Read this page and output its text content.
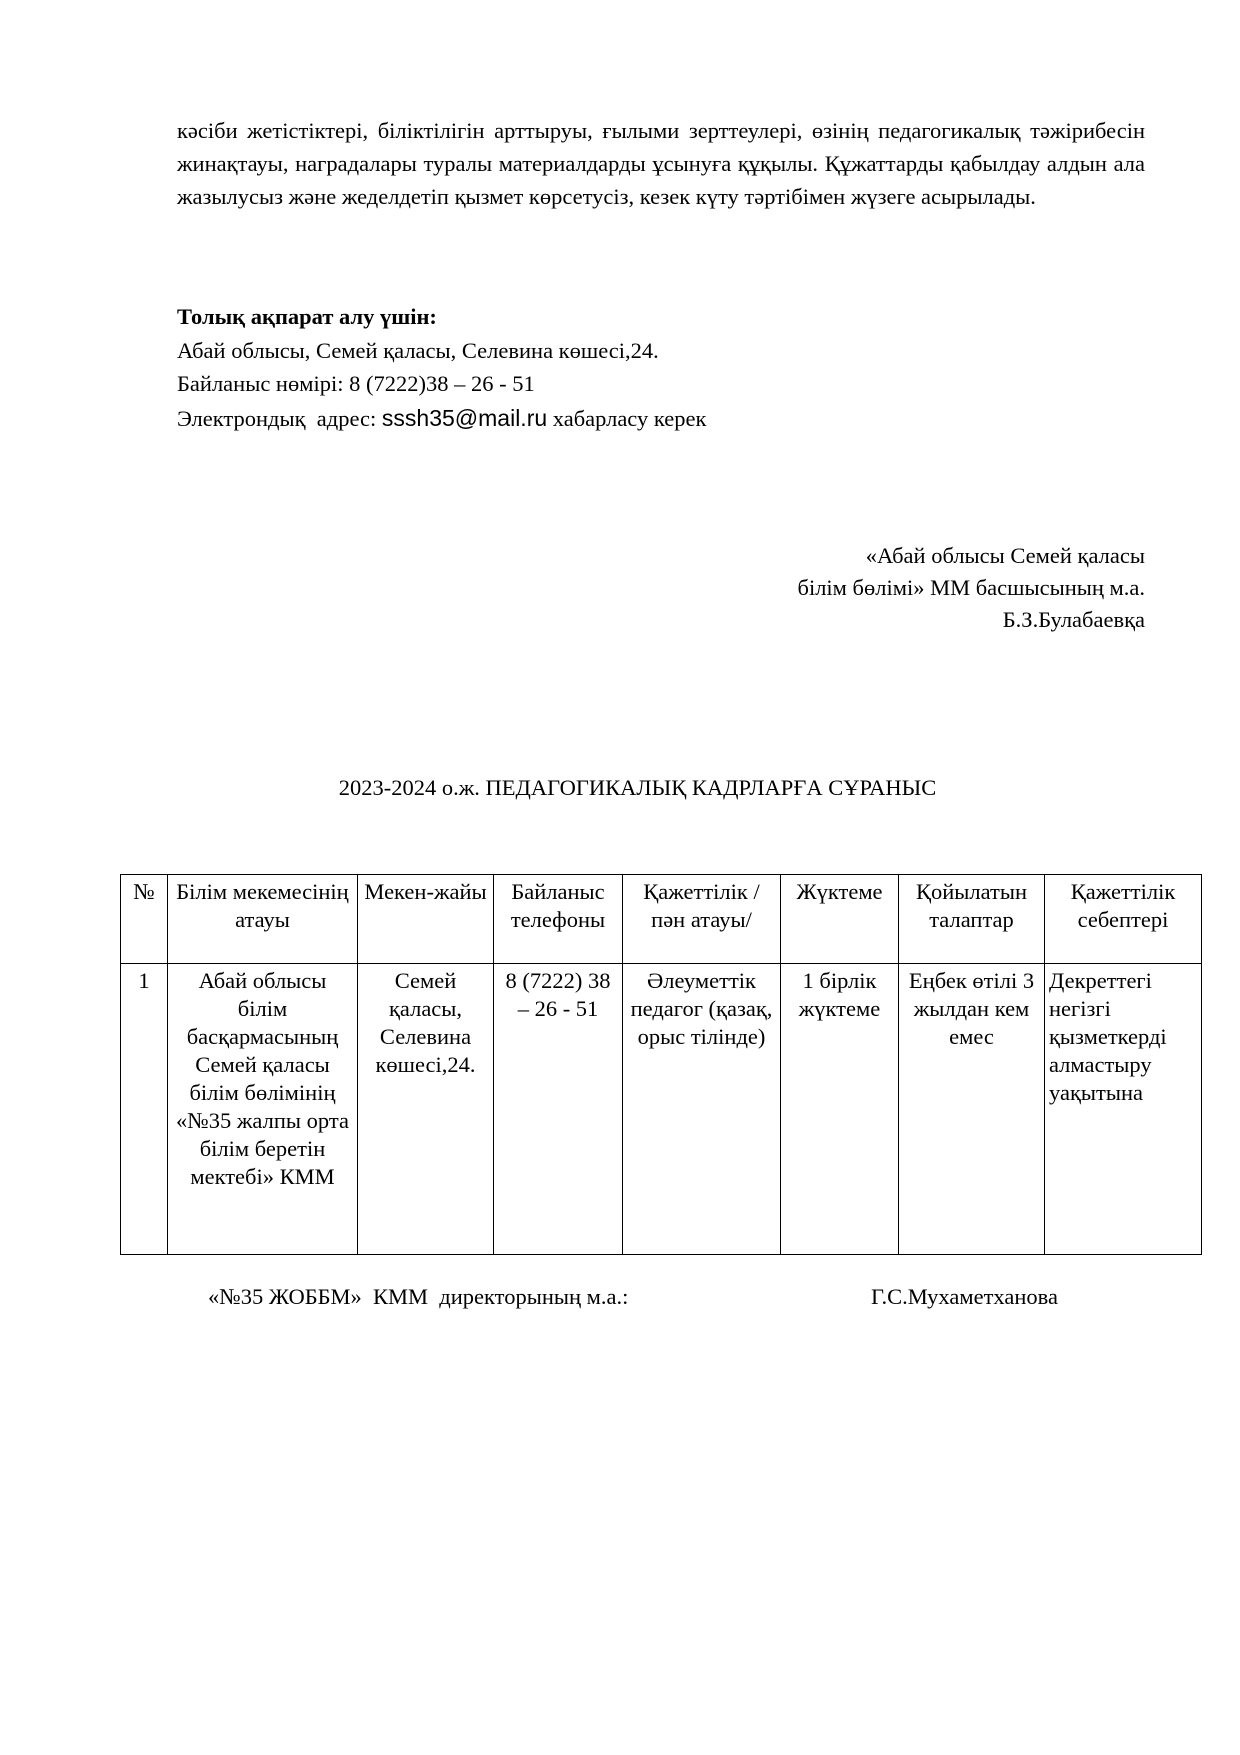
кәсіби жетістіктері, біліктілігін арттыруы, ғылыми зерттеулері, өзінің педагогикалық тәжірибесін жинақтауы, наградалары туралы материалдарды ұсынуға құқылы. Құжаттарды қабылдау алдын ала жазылусыз және жеделдетіп қызмет көрсетусіз, кезек күту тәртібімен жүзеге асырылады.

Толық ақпарат алу үшін:
Абай облысы, Семей қаласы, Селевина көшесі,24.
Байланыс нөмірі: 8 (7222)38 – 26 - 51
Электрондық  адрес: sssh35@mail.ru хабарласу керек
«Абай облысы Семей қаласы
білім бөлімі» ММ басшысының м.а.
Б.З.Булабаевқа
2023-2024 о.ж. ПЕДАГОГИКАЛЫҚ КАДРЛАРҒА СҰРАНЫС
№	Білім мекемесінің атауы	Мекен-жайы	Байланыс телефоны	Қажеттілік /пән атауы/	Жүктеме	Қойылатын талаптар	Қажеттілік себептері
1	Абай облысы білім басқармасының Семей қаласы білім бөлімінің «№35 жалпы орта білім беретін мектебі» КММ	Семей қаласы, Селевина көшесі,24.	8 (7222) 38 – 26 - 51	Әлеуметтік педагог (қазақ, орыс тілінде)	1 бірлік жүктеме	Еңбек өтілі 3 жылдан кем емес	Декреттегі негізгі қызметкерді алмастыру уақытына
«№35 ЖОББМ»  КММ  директорының м.а.:	Г.С.Мухаметханова
